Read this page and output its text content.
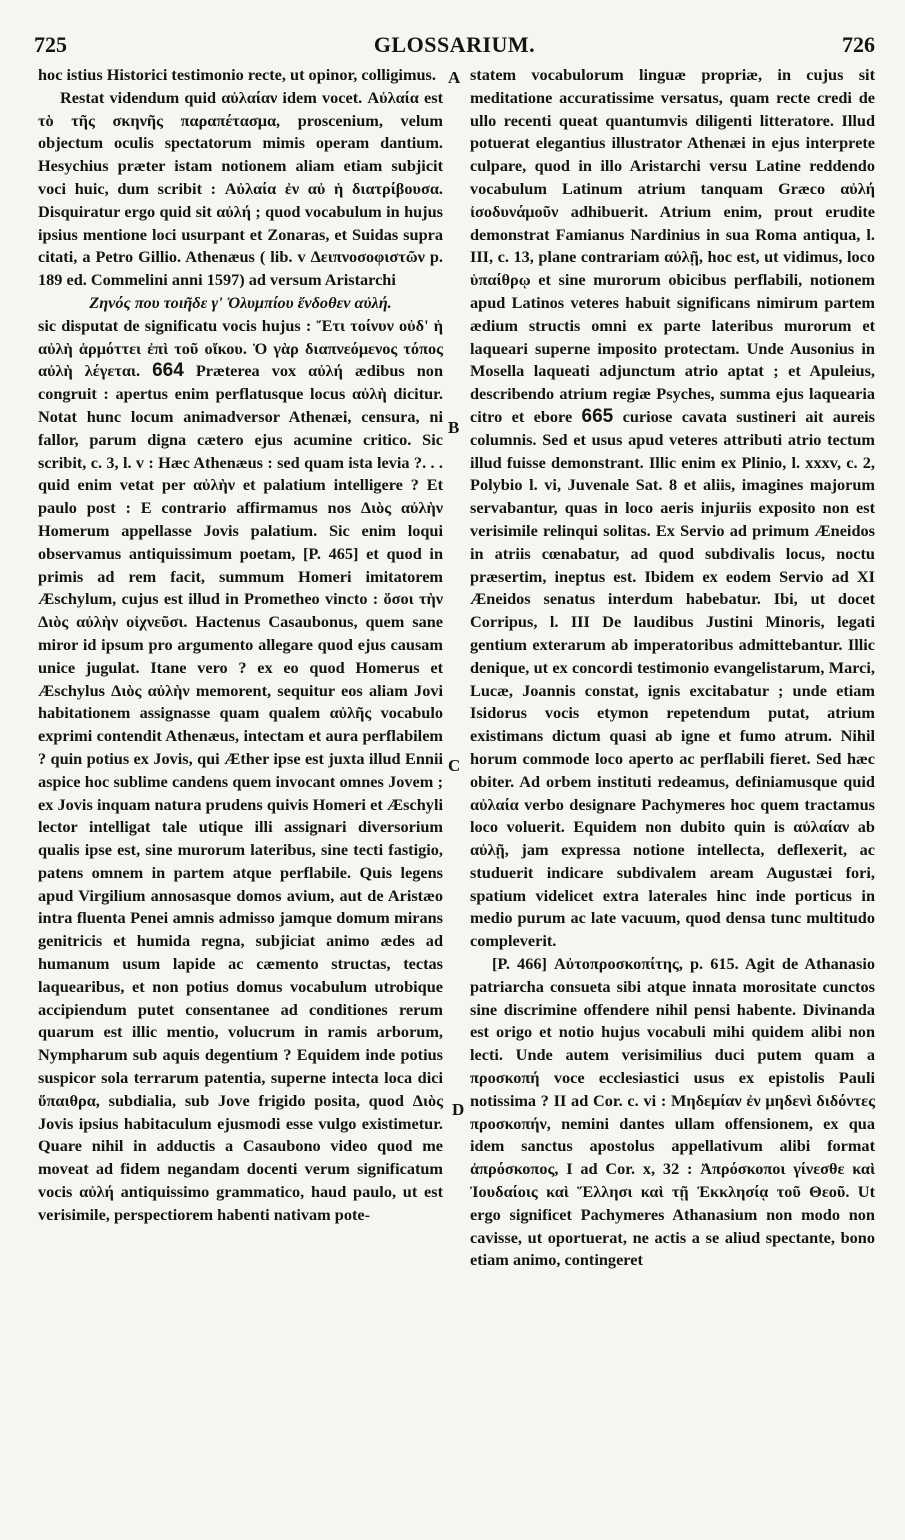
725	GLOSSARIUM.	726

hoc istius Historici testimonio recte, ut opinor, colligimus.

Restat videndum quid αὐλαίαν idem vocet. Αὐλαία est τὸ τῆς σκηνῆς παραπέτασμα, proscenium, velum objectum oculis spectatorum mimis operam dantium. Hesychius præter istam notionem aliam etiam subjicit voci huic, dum scribit : Αὐλαία ἐν αὐ ἡ διατρίβουσα. Disquiratur ergo quid sit αὐλή ; quod vocabulum in hujus ipsius mentione loci usurpant et Zonaras, et Suidas supra citati, a Petro Gillio. Athenæus ( lib. v Δειπνοσοφιστῶν p. 189 ed. Commelini anni 1597) ad versum Aristarchi

Ζηνός που τοιῆδε γ' Ὀλυμπίου ἔνδοθεν αὐλή.

sic disputat de significatu vocis hujus : Ἔτι τοίνυν οὐδ' ἡ αὐλὴ ἁρμόττει ἐπὶ τοῦ οἴκου. Ὁ γὰρ διαπνεόμενος τόπος αὐλὴ λέγεται. 664 Præterea vox αὐλή ædibus non congruit : apertus enim perflatusque locus αὐλὴ dicitur. Notat hunc locum animadversor Athenæi, censura, ni fallor, parum digna cætero ejus acumine critico. Sic scribit, c. 3, l. v : Hæc Athenæus : sed quam ista levia ?. . . quid enim vetat per αὐλὴν et palatium intelligere ? Et paulo post : E contrario affirmamus nos Διὸς αὐλὴν Homerum appellasse Jovis palatium. Sic enim loqui observamus antiquissimum poetam, [P. 465] et quod in primis ad rem facit, summum Homeri imitatorem Æschylum, cujus est illud in Prometheo vincto : ὅσοι τὴν Διὸς αὐλὴν οἰχνεῦσι. Hactenus Casaubonus, quem sane miror id ipsum pro argumento allegare quod ejus causam unice jugulat. Itane vero ? ex eo quod Homerus et Æschylus Διὸς αὐλὴν memorent, sequitur eos aliam Jovi habitationem assignasse quam qualem αὐλῆς vocabulo exprimi contendit Athenæus, intectam et aura perflabilem ? quin potius ex Jovis, qui Æther ipse est juxta illud Ennii aspice hoc sublime candens quem invocant omnes Jovem ; ex Jovis inquam natura prudens quivis Homeri et Æschyli lector intelligat tale utique illi assignari diversorium qualis ipse est, sine murorum lateribus, sine tecti fastigio, patens omnem in partem atque perflabile. Quis legens apud Virgilium annosasque domos avium, aut de Aristæo intra fluenta Penei amnis admisso jamque domum mirans genitricis et humida regna, subjiciat animo ædes ad humanum usum lapide ac cæmento structas, tectas laquearibus, et non potius domus vocabulum utrobique accipiendum putet consentanee ad conditiones rerum quarum est illic mentio, volucrum in ramis arborum, Nympharum sub aquis degentium ? Equidem inde potius suspicor sola terrarum patentia, superne intecta loca dici ὕπαιθρα, subdialia, sub Jove frigido posita, quod Διὸς Jovis ipsius habitaculum ejusmodi esse vulgo existimetur. Quare nihil in adductis a Casaubono video quod me moveat ad fidem negandam docenti verum significatum vocis αὐλή antiquissimo grammatico, haud paulo, ut est verisimile, perspectiorem habenti nativam pote-

statem vocabulorum linguæ propriæ, in cujus sit meditatione accuratissime versatus, quam recte credi de ullo recenti queat quantumvis diligenti litteratore. Illud potuerat elegantius illustrator Athenæi in ejus interprete culpare, quod in illo Aristarchi versu Latine reddendo vocabulum Latinum atrium tanquam Græco αὐλή ἰσοδυνάμοῦν adhibuerit. Atrium enim, prout erudite demonstrat Famianus Nardinius in sua Roma antiqua, l. III, c. 13, plane contrariam αὐλῇ, hoc est, ut vidimus, loco ὑπαίθρῳ et sine murorum obicibus perflabili, notionem apud Latinos veteres habuit significans nimirum partem ædium structis omni ex parte lateribus murorum et laqueari superne imposito protectam. Unde Ausonius in Mosella laqueati adjunctum atrio aptat ; et Apuleius, describendo atrium regiæ Psyches, summa ejus laquearia citro et ebore 665 curiose cavata sustineri ait aureis columnis. Sed et usus apud veteres attributi atrio tectum illud fuisse demonstrant. Illic enim ex Plinio, l. xxxv, c. 2, Polybio l. vi, Juvenale Sat. 8 et aliis, imagines majorum servabantur, quas in loco aeris injuriis exposito non est verisimile relinqui solitas. Ex Servio ad primum Æneidos in atriis cœnabatur, ad quod subdivalis locus, noctu præsertim, ineptus est. Ibidem ex eodem Servio ad XI Æneidos senatus interdum habebatur. Ibi, ut docet Corripus, l. III De laudibus Justini Minoris, legati gentium exterarum ab imperatoribus admittebantur. Illic denique, ut ex concordi testimonio evangelistarum, Marci, Lucæ, Joannis constat, ignis excitabatur ; unde etiam Isidorus vocis etymon repetendum putat, atrium existimans dictum quasi ab igne et fumo atrum. Nihil horum commode loco aperto ac perflabili fieret. Sed hæc obiter. Ad orbem instituti redeamus, definiamusque quid αὐλαία verbo designare Pachymeres hoc quem tractamus loco voluerit. Equidem non dubito quin is αὐλαίαν ab αὐλῇ, jam expressa notione intellecta, deflexerit, ac studuerit indicare subdivalem aream Augustæi fori, spatium videlicet extra laterales hinc inde porticus in medio purum ac late vacuum, quod densa tunc multitudo compleverit.

[P. 466] Αὐτοπροσκοπίτης, p. 615. Agit de Athanasio patriarcha consueta sibi atque innata morositate cunctos sine discrimine offendere nihil pensi habente. Divinanda est origo et notio hujus vocabuli mihi quidem alibi non lecti. Unde autem verisimilius duci putem quam a προσκοπή voce ecclesiastici usus ex epistolis Pauli notissima ? II ad Cor. c. vi : Μηδεμίαν ἐν μηδενὶ διδόντες προσκοπήν, nemini dantes ullam offensionem, ex qua idem sanctus apostolus appellativum alibi format ἀπρόσκοπος, I ad Cor. x, 32 : Ἀπρόσκοποι γίνεσθε καὶ Ἰουδαίοις καὶ Ἕλλησι καὶ τῇ Ἐκκλησίᾳ τοῦ Θεοῦ. Ut ergo significet Pachymeres Athanasium non modo non cavisse, ut oportuerat, ne actis a se aliud spectante, bono etiam animo, contingeret

A
B
C
D
